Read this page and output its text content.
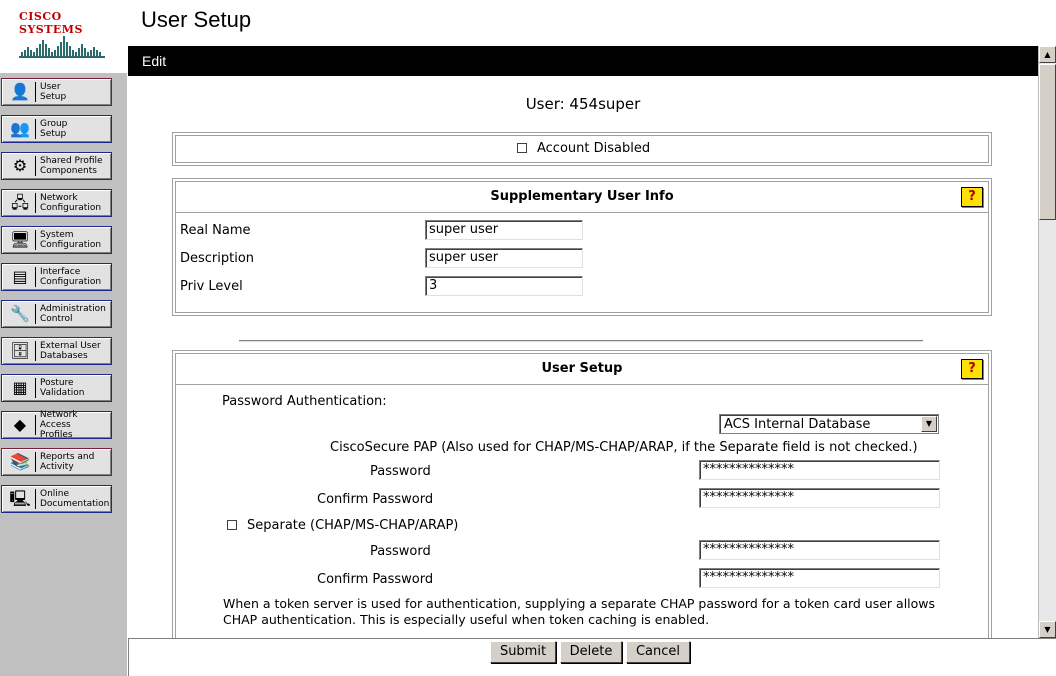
CISCO SYSTEMS
👤	User
Setup
👥	Group
Setup
⚙	Shared Profile
Components
🖧	Network
Configuration
🖥	System
Configuration
▤	Interface
Configuration
🔧	Administration
Control
🗄	External User
Databases
▦	Posture
Validation
◆	Network Access
Profiles
📚	Reports and
Activity
🖳	Online
Documentation
User Setup
Edit	▲
▼
User: 454super
Account Disabled
Supplementary User Info	?
Real Name	super user
Description	super user
Priv Level	3
User Setup	?
Password Authentication:
ACS Internal Database	▼
CiscoSecure PAP (Also used for CHAP/MS-CHAP/ARAP, if the Separate field is not checked.)
Password	**************
Confirm Password	**************
Separate (CHAP/MS-CHAP/ARAP)
Password	**************
Confirm Password	**************
When a token server is used for authentication, supplying a separate CHAP password for a token card user allows CHAP authentication. This is especially useful when token caching is enabled.
Submit	Delete	Cancel
